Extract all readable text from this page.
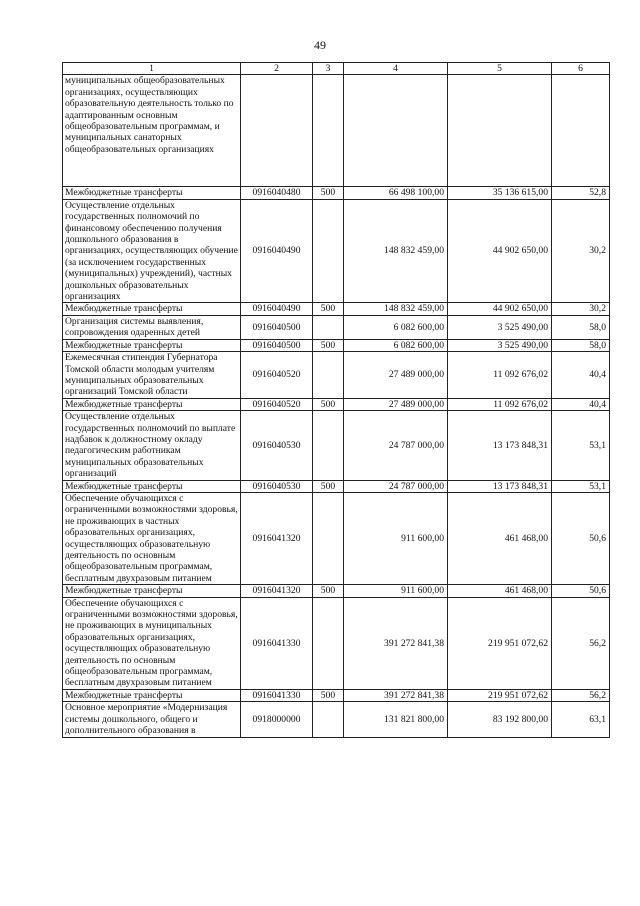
49
1	2	3	4	5	6
муниципальных общеобразовательных организациях, осуществляющих образовательную деятельность только по адаптированным основным общеобразовательным программам, и муниципальных санаторных общеобразовательных организациях					
Межбюджетные трансферты	0916040480	500	66 498 100,00	35 136 615,00	52,8
Осуществление отдельных государственных полномочий по финансовому обеспечению получения дошкольного образования в организациях, осуществляющих обучение (за исключением государственных (муниципальных) учреждений), частных дошкольных образовательных организациях	0916040490		148 832 459,00	44 902 650,00	30,2
Межбюджетные трансферты	0916040490	500	148 832 459,00	44 902 650,00	30,2
Организация системы выявления, сопровождения одаренных детей	0916040500		6 082 600,00	3 525 490,00	58,0
Межбюджетные трансферты	0916040500	500	6 082 600,00	3 525 490,00	58,0
Ежемесячная стипендия Губернатора Томской области молодым учителям муниципальных образовательных организаций Томской области	0916040520		27 489 000,00	11 092 676,02	40,4
Межбюджетные трансферты	0916040520	500	27 489 000,00	11 092 676,02	40,4
Осуществление отдельных государственных полномочий по выплате надбавок к должностному окладу педагогическим работникам муниципальных образовательных организаций	0916040530		24 787 000,00	13 173 848,31	53,1
Межбюджетные трансферты	0916040530	500	24 787 000,00	13 173 848,31	53,1
Обеспечение обучающихся с ограниченными возможностями здоровья, не проживающих в частных образовательных организациях, осуществляющих образовательную деятельность по основным общеобразовательным программам, бесплатным двухразовым питанием	0916041320		911 600,00	461 468,00	50,6
Межбюджетные трансферты	0916041320	500	911 600,00	461 468,00	50,6
Обеспечение обучающихся с ограниченными возможностями здоровья, не проживающих в муниципальных образовательных организациях, осуществляющих образовательную деятельность по основным общеобразовательным программам, бесплатным двухразовым питанием	0916041330		391 272 841,38	219 951 072,62	56,2
Межбюджетные трансферты	0916041330	500	391 272 841,38	219 951 072,62	56,2
Основное мероприятие «Модернизация системы дошкольного, общего и дополнительного образования в	0918000000		131 821 800,00	83 192 800,00	63,1
